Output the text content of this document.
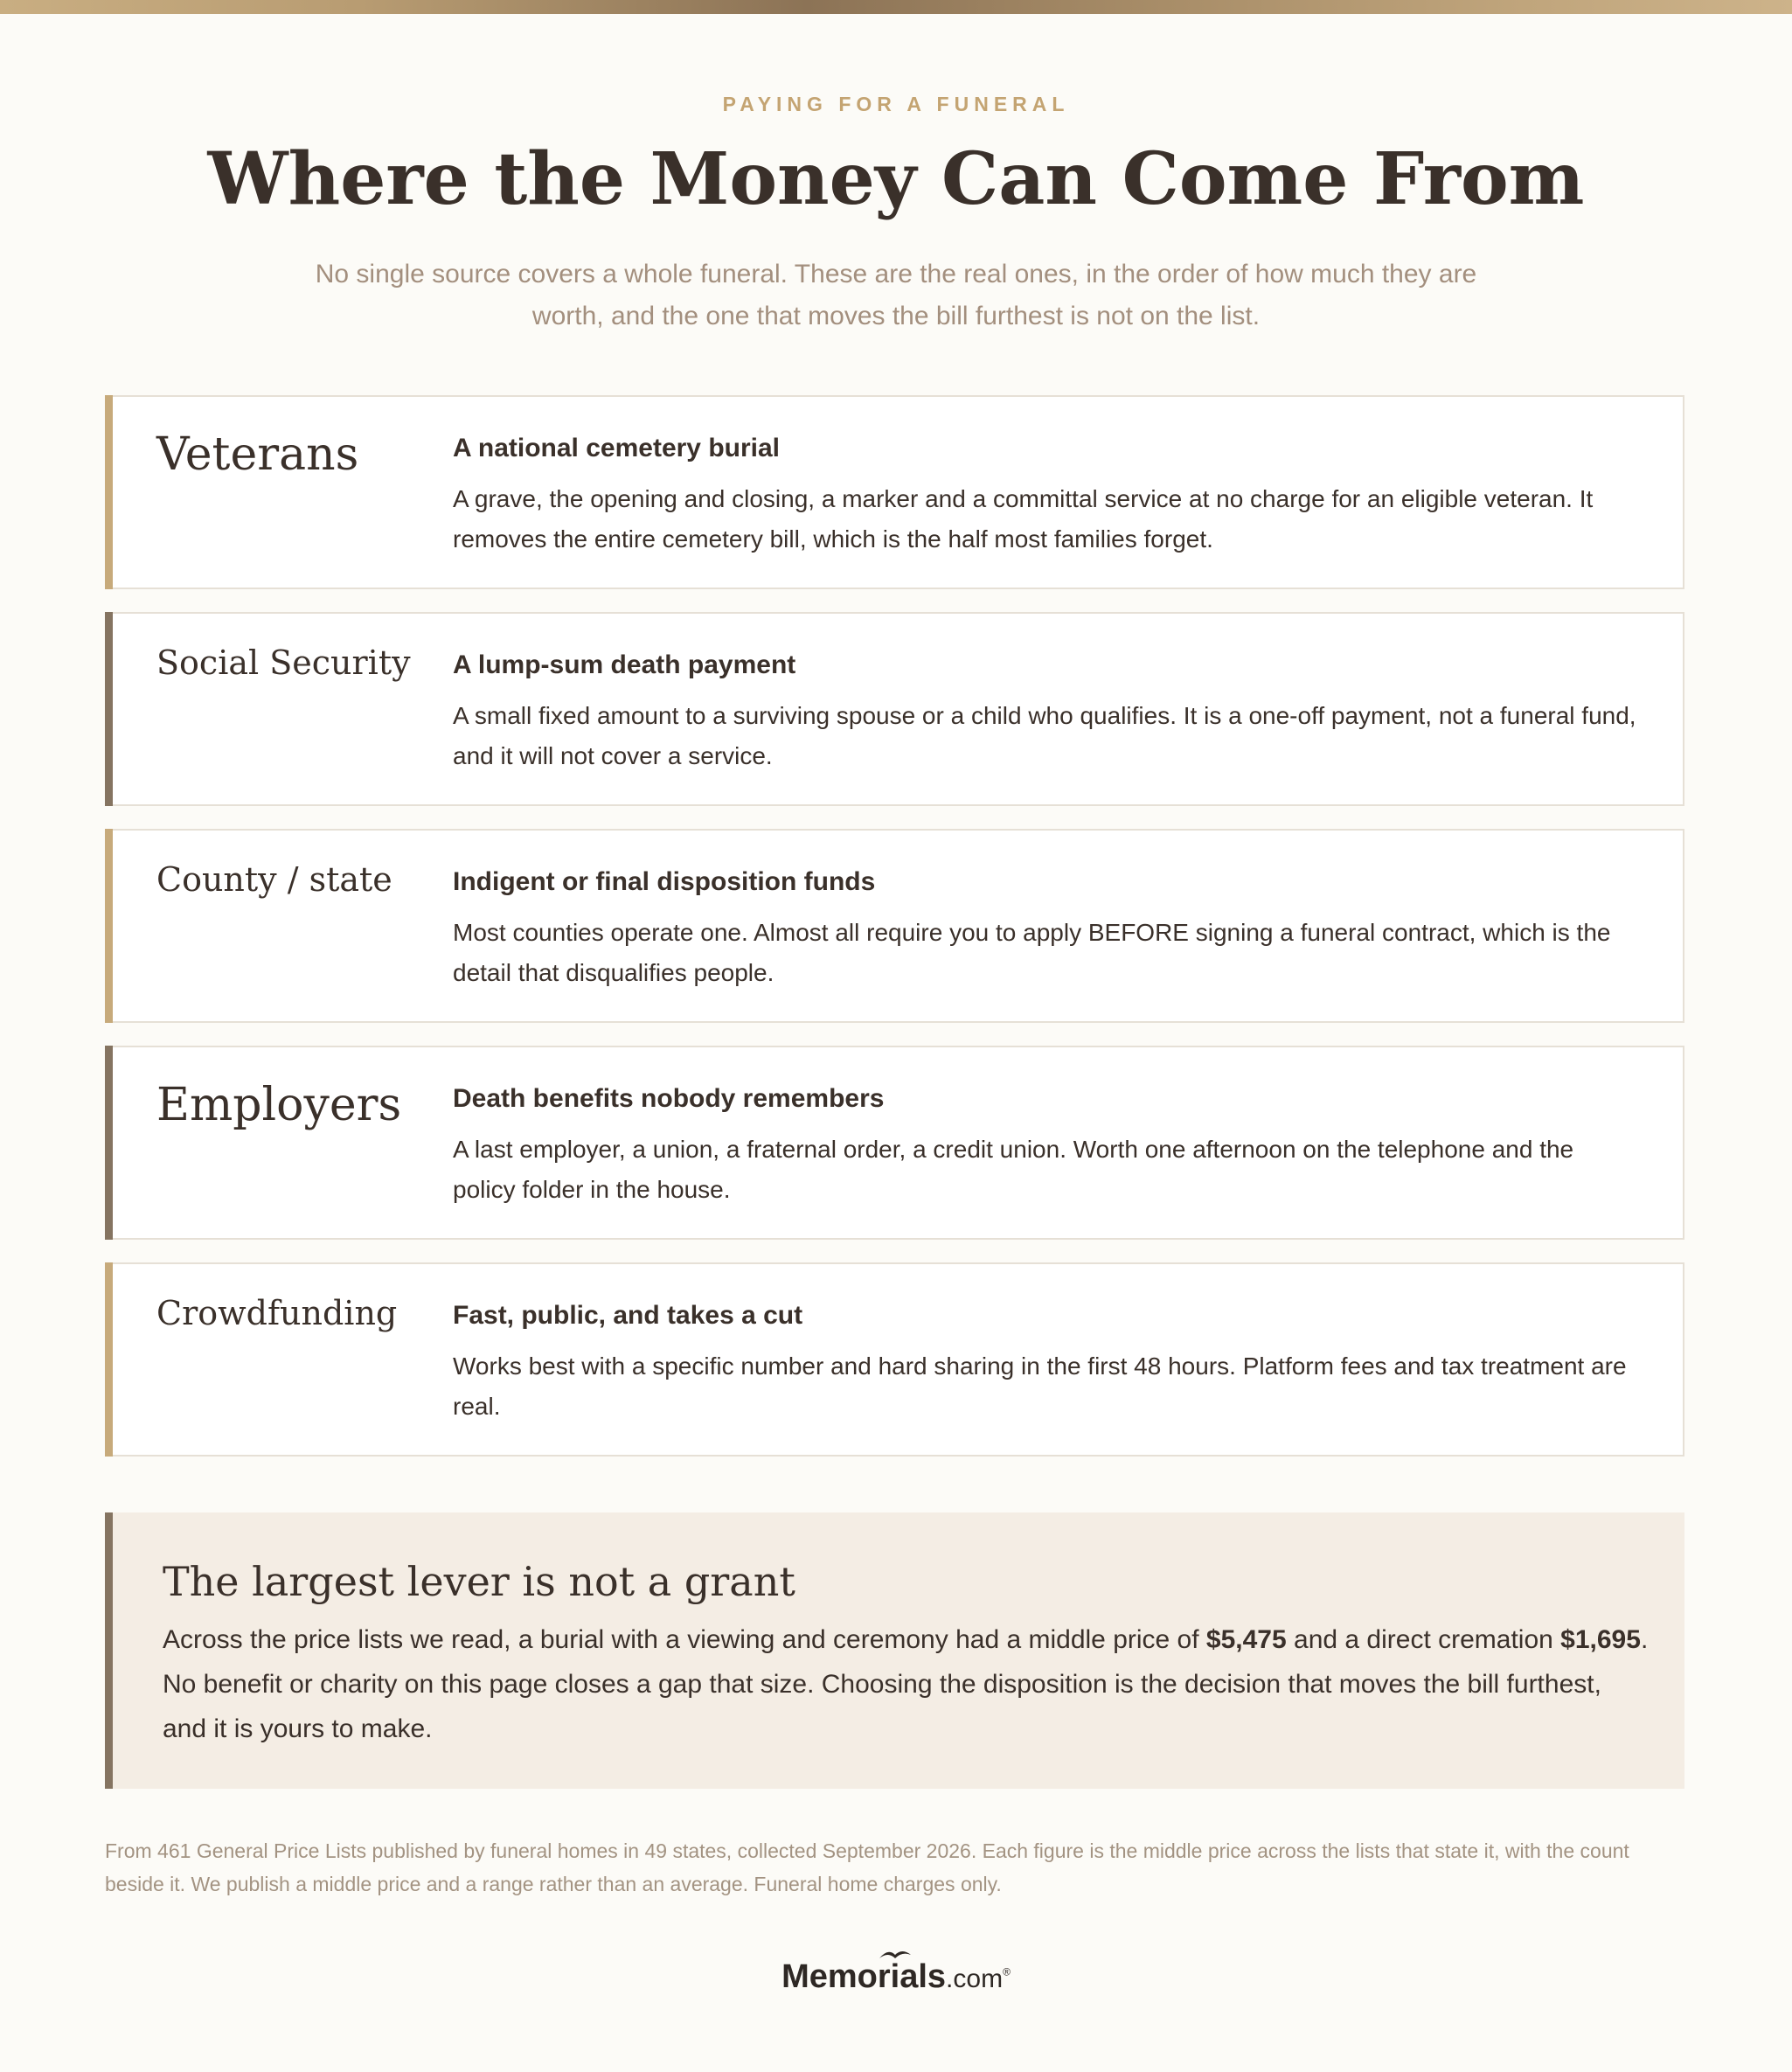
PAYING FOR A FUNERAL
Where the Money Can Come From
No single source covers a whole funeral. These are the real ones, in the order of how much they are worth, and the one that moves the bill furthest is not on the list.
Veterans	A national cemetery burial
A grave, the opening and closing, a marker and a committal service at no charge for an eligible veteran. It removes the entire cemetery bill, which is the half most families forget.
Social Security A lump-sum death payment
A small fixed amount to a surviving spouse or a child who qualifies. It is a one-off payment, not a funeral fund, and it will not cover a service.
County / state Indigent or final disposition funds
Most counties operate one. Almost all require you to apply BEFORE signing a funeral contract, which is the detail that disqualifies people.
Employers Death benefits nobody remembers
A last employer, a union, a fraternal order, a credit union. Worth one afternoon on the telephone and the policy folder in the house.
Crowdfunding Fast, public, and takes a cut
Works best with a specific number and hard sharing in the first 48 hours. Platform fees and tax treatment are real.
The largest lever is not a grant
Across the price lists we read, a burial with a viewing and ceremony had a middle price of $5,475 and a direct cremation $1,695. No benefit or charity on this page closes a gap that size. Choosing the disposition is the decision that moves the bill furthest, and it is yours to make.
From 461 General Price Lists published by funeral homes in 49 states, collected September 2026. Each figure is the middle price across the lists that state it, with the count beside it. We publish a middle price and a range rather than an average. Funeral home charges only.
Memor
ials.com®
